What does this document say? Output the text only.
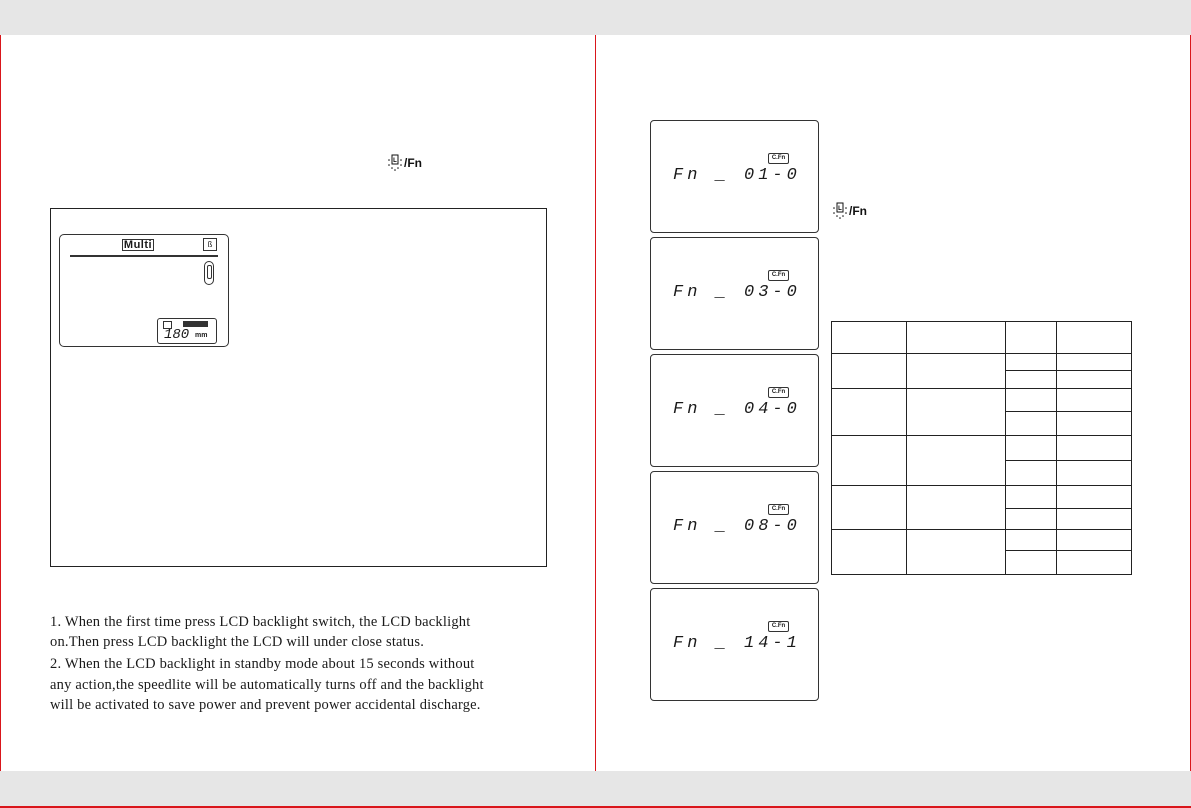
L /Fn
Multi	ß
180 mm
1. When the first time press LCD backlight switch, the LCD backlight
on.Then press LCD backlight the LCD will under close status.
2. When the LCD backlight in standby mode about 15 seconds without
any action,the speedlite will be automatically turns off and the backlight
will be activated to save power and prevent power accidental discharge.
C.Fn
Fn _ 01-0
C.Fn
Fn _ 03-0
C.Fn
Fn _ 04-0
C.Fn
Fn _ 08-0
C.Fn
Fn _ 14-1
L /Fn
